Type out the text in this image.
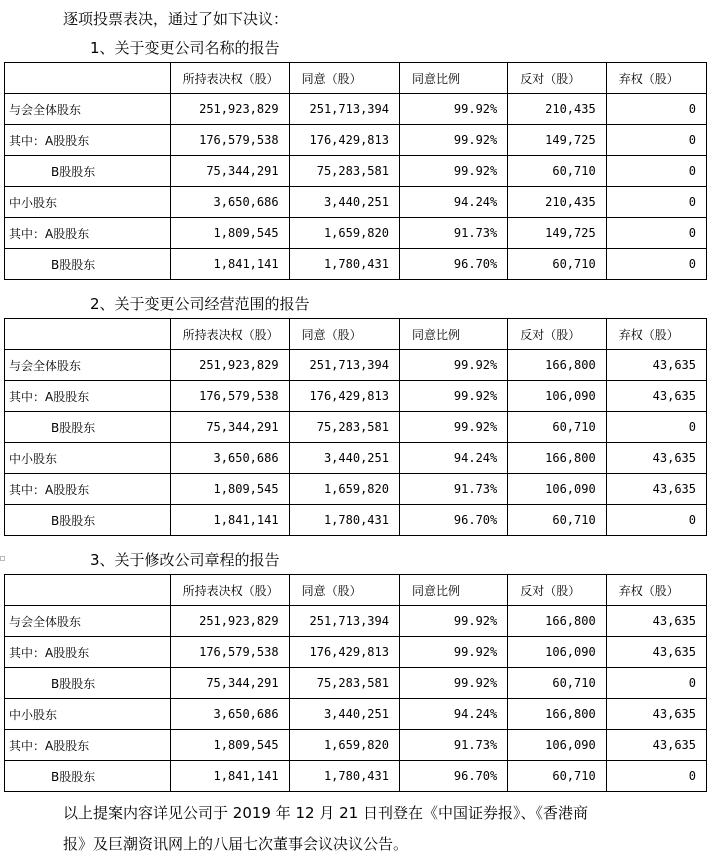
逐项投票表决，通过了如下决议：
1、关于变更公司名称的报告
	所持表决权（股）	同意（股）	同意比例	反对（股）	弃权（股）
与会全体股东	251,923,829	251,713,394	99.92%	210,435	0
其中：A股股东	176,579,538	176,429,813	99.92%	149,725	0
B股股东	75,344,291	75,283,581	99.92%	60,710	0
中小股东	3,650,686	3,440,251	94.24%	210,435	0
其中：A股股东	1,809,545	1,659,820	91.73%	149,725	0
B股股东	1,841,141	1,780,431	96.70%	60,710	0
2、关于变更公司经营范围的报告
	所持表决权（股）	同意（股）	同意比例	反对（股）	弃权（股）
与会全体股东	251,923,829	251,713,394	99.92%	166,800	43,635
其中：A股股东	176,579,538	176,429,813	99.92%	106,090	43,635
B股股东	75,344,291	75,283,581	99.92%	60,710	0
中小股东	3,650,686	3,440,251	94.24%	166,800	43,635
其中：A股股东	1,809,545	1,659,820	91.73%	106,090	43,635
B股股东	1,841,141	1,780,431	96.70%	60,710	0
3、关于修改公司章程的报告
	所持表决权（股）	同意（股）	同意比例	反对（股）	弃权（股）
与会全体股东	251,923,829	251,713,394	99.92%	166,800	43,635
其中：A股股东	176,579,538	176,429,813	99.92%	106,090	43,635
B股股东	75,344,291	75,283,581	99.92%	60,710	0
中小股东	3,650,686	3,440,251	94.24%	166,800	43,635
其中：A股股东	1,809,545	1,659,820	91.73%	106,090	43,635
B股股东	1,841,141	1,780,431	96.70%	60,710	0
以上提案内容详见公司于 2019 年 12 月 21 日刊登在《中国证券报》、《香港商
报》及巨潮资讯网上的八届七次董事会议决议公告。
